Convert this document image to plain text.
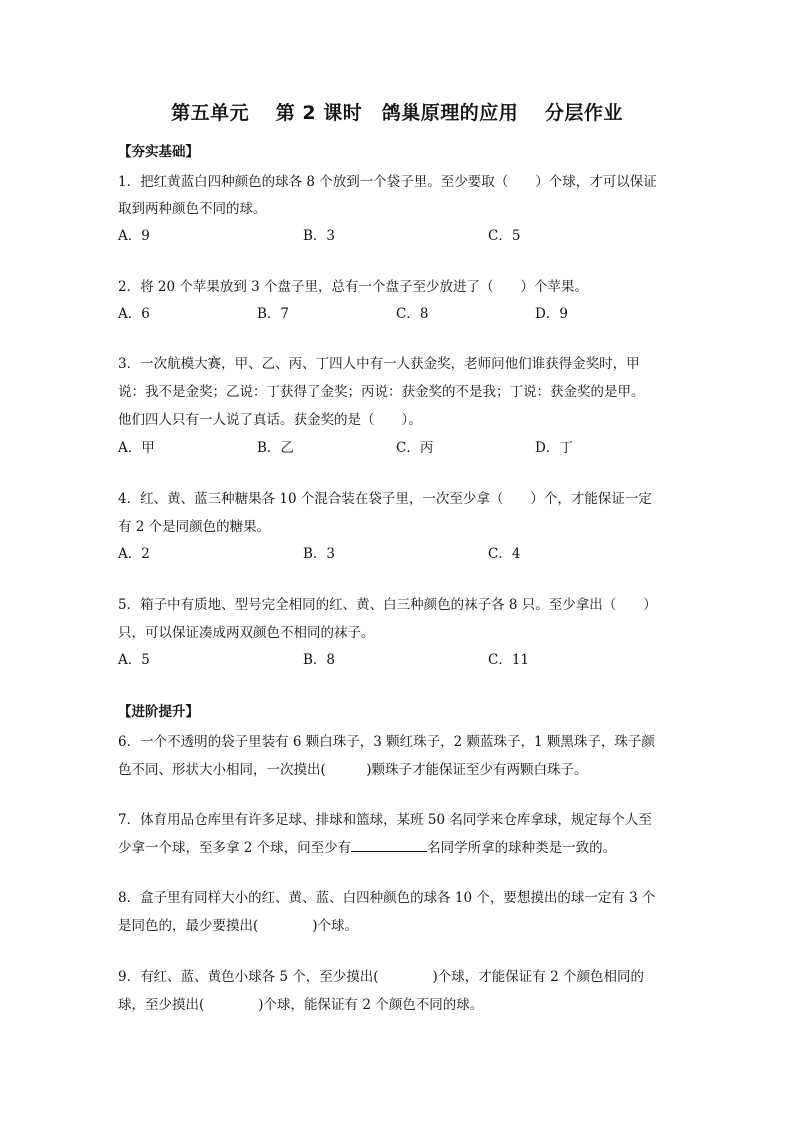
第五单元　 第 2 课时　鸽巢原理的应用　 分层作业
【夯实基础】
1．把红黄蓝白四种颜色的球各 8 个放到一个袋子里。至少要取（　　）个球，才可以保证
取到两种颜色不同的球。
A．9	B．3	C．5
2．将 20 个苹果放到 3 个盘子里，总有一个盘子至少放进了（　　）个苹果。
A．6	B．7	C．8	D．9
3．一次航模大赛，甲、乙、丙、丁四人中有一人获金奖，老师问他们谁获得金奖时，甲
说：我不是金奖；乙说：丁获得了金奖；丙说：获金奖的不是我；丁说：获金奖的是甲。
他们四人只有一人说了真话。获金奖的是（　　）。
A．甲	B．乙	C．丙	D．丁
4．红、黄、蓝三种糖果各 10 个混合装在袋子里，一次至少拿（　　）个，才能保证一定
有 2 个是同颜色的糖果。
A．2	B．3	C．4
5．箱子中有质地、型号完全相同的红、黄、白三种颜色的袜子各 8 只。至少拿出（　　）
只，可以保证凑成两双颜色不相同的袜子。
A．5	B．8	C．11
【进阶提升】
6．一个不透明的袋子里装有 6 颗白珠子，3 颗红珠子，2 颗蓝珠子，1 颗黑珠子，珠子颜
色不同、形状大小相同，一次摸出(　　　)颗珠子才能保证至少有两颗白珠子。
7．体育用品仓库里有许多足球、排球和篮球，某班 50 名同学来仓库拿球，规定每个人至
少拿一个球，至多拿 2 个球，问至少有	名同学所拿的球种类是一致的。
8．盒子里有同样大小的红、黄、蓝、白四种颜色的球各 10 个，要想摸出的球一定有 3 个
是同色的，最少要摸出(　　　　)个球。
9．有红、蓝、黄色小球各 5 个，至少摸出(　　　　)个球，才能保证有 2 个颜色相同的
球，至少摸出(　　　　)个球，能保证有 2 个颜色不同的球。
